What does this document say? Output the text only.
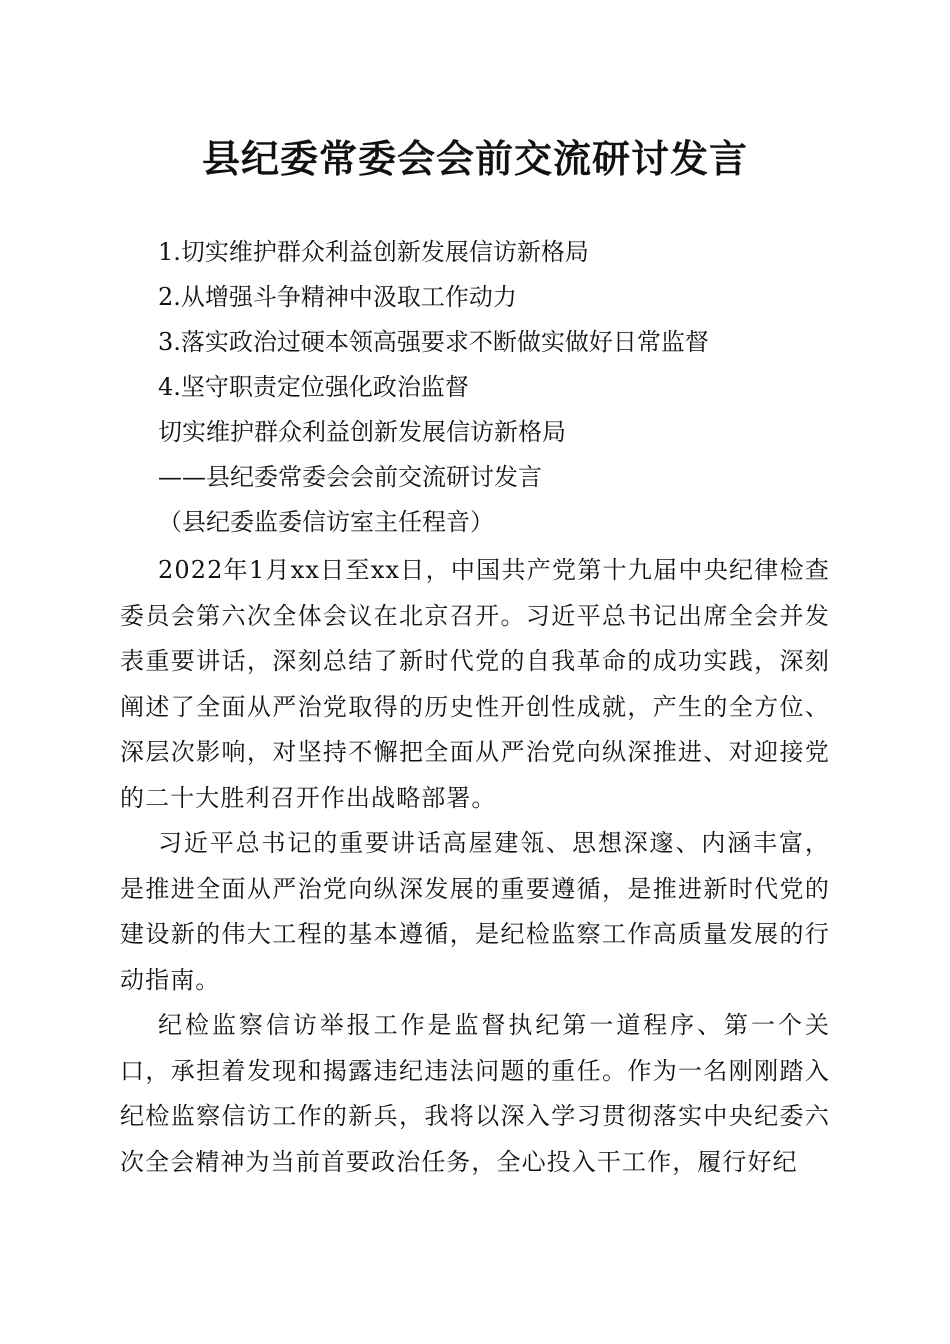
县纪委常委会会前交流研讨发言

1.切实维护群众利益创新发展信访新格局

2.从增强斗争精神中汲取工作动力

3.落实政治过硬本领高强要求不断做实做好日常监督

4.坚守职责定位强化政治监督

切实维护群众利益创新发展信访新格局

——县纪委常委会会前交流研讨发言

（县纪委监委信访室主任程音）

2022年1月xx日至xx日，中国共产党第十九届中央纪律检查委员会第六次全体会议在北京召开。习近平总书记出席全会并发表重要讲话，深刻总结了新时代党的自我革命的成功实践，深刻阐述了全面从严治党取得的历史性开创性成就，产生的全方位、深层次影响，对坚持不懈把全面从严治党向纵深推进、对迎接党的二十大胜利召开作出战略部署。

习近平总书记的重要讲话高屋建瓴、思想深邃、内涵丰富，是推进全面从严治党向纵深发展的重要遵循，是推进新时代党的建设新的伟大工程的基本遵循，是纪检监察工作高质量发展的行动指南。

纪检监察信访举报工作是监督执纪第一道程序、第一个关口，承担着发现和揭露违纪违法问题的重任。作为一名刚刚踏入纪检监察信访工作的新兵，我将以深入学习贯彻落实中央纪委六次全会精神为当前首要政治任务，全心投入干工作，履行好纪
